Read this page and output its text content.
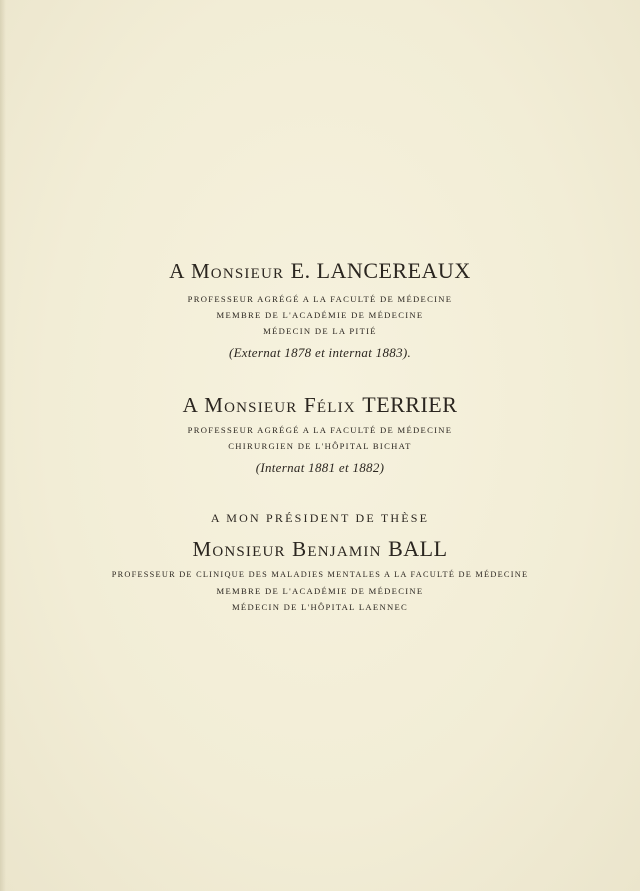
A Monsieur E. LANCEREAUX
PROFESSEUR AGRÉGÉ A LA FACULTÉ DE MÉDECINE
MEMBRE DE L'ACADÉMIE DE MÉDECINE
MÉDECIN DE LA PITIÉ
(Externat 1878 et internat 1883).
A Monsieur Félix TERRIER
PROFESSEUR AGRÉGÉ A LA FACULTÉ DE MÉDECINE
CHIRURGIEN DE L'HÔPITAL BICHAT
(Internat 1881 et 1882)
A MON PRÉSIDENT DE THÈSE
Monsieur Benjamin BALL
PROFESSEUR DE CLINIQUE DES MALADIES MENTALES A LA FACULTÉ DE MÉDECINE
MEMBRE DE L'ACADÉMIE DE MÉDECINE
MÉDECIN DE L'HÔPITAL LAENNEC
